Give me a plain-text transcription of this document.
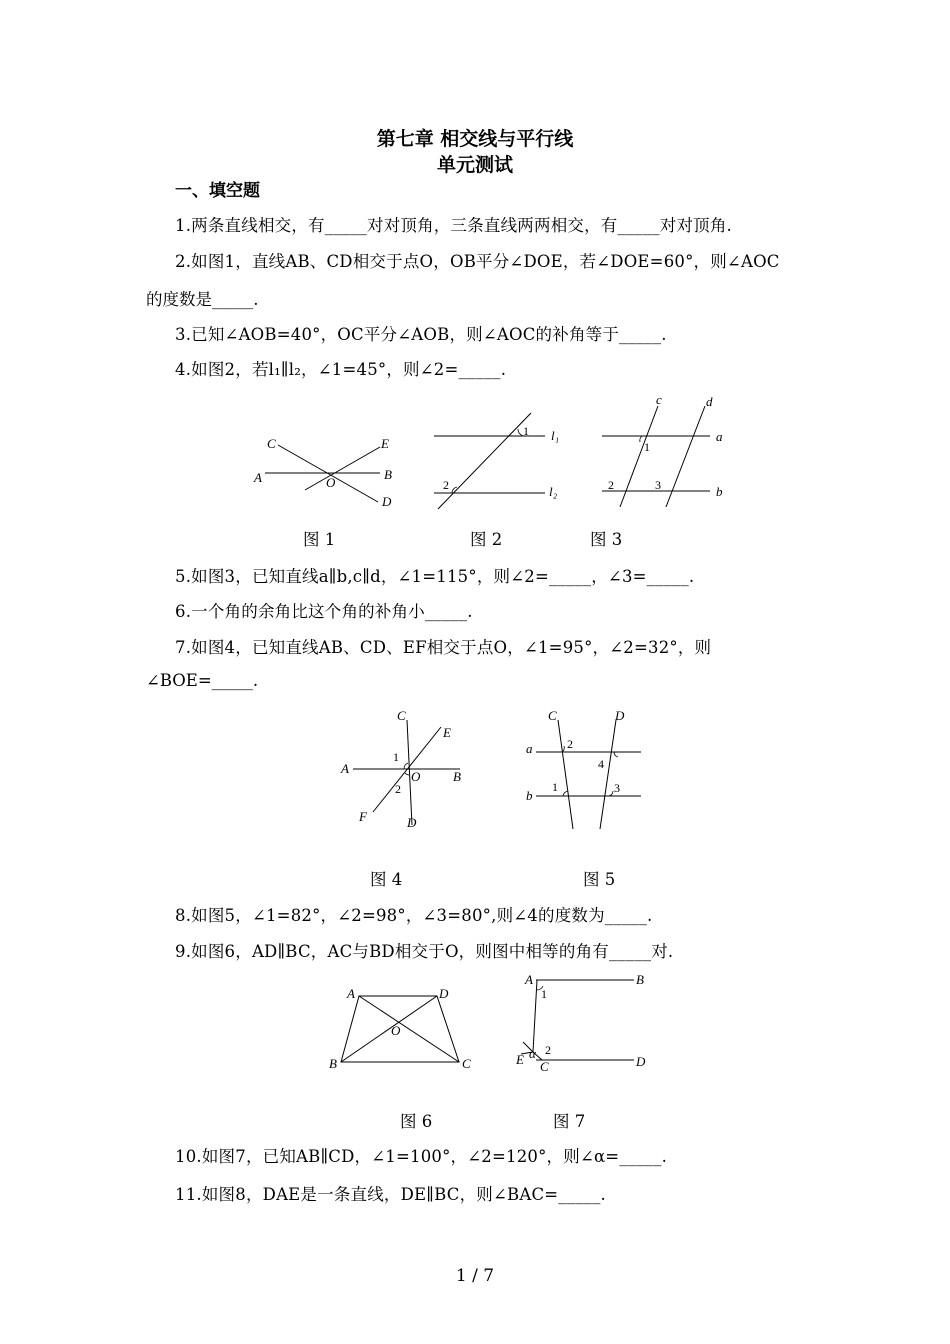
第七章 相交线与平行线
单元测试
一、填空题
1.两条直线相交，有_____对对顶角，三条直线两两相交，有_____对对顶角.
2.如图1，直线AB、CD相交于点O，OB平分∠DOE，若∠DOE=60°，则∠AOC
的度数是_____.
3.已知∠AOB=40°，OC平分∠AOB，则∠AOC的补角等于_____.
4.如图2，若l₁∥l₂，∠1=45°，则∠2=_____.
C	E
A	B
O
D
1
2
l₁
l₂
c	d
a
b
1
2	3
图 1	图 2	图 3
5.如图3，已知直线a∥b,c∥d，∠1=115°，则∠2=_____，∠3=_____.
6.一个角的余角比这个角的补角小_____.
7.如图4，已知直线AB、CD、EF相交于点O，∠1=95°，∠2=32°，则
∠BOE=_____.
C
E
A
B
O
F	D
1
2
C	D
a
b
2
4
1	3
图 4	图 5
8.如图5，∠1=82°，∠2=98°，∠3=80°,则∠4的度数为_____.
9.如图6，AD∥BC，AC与BD相交于O，则图中相等的角有_____对.
A	D
O
B	C
A	B
1
2
α
E C	D
图 6	图 7
10.如图7，已知AB∥CD，∠1=100°，∠2=120°，则∠α=_____.
11.如图8，DAE是一条直线，DE∥BC，则∠BAC=_____.
1 / 7
